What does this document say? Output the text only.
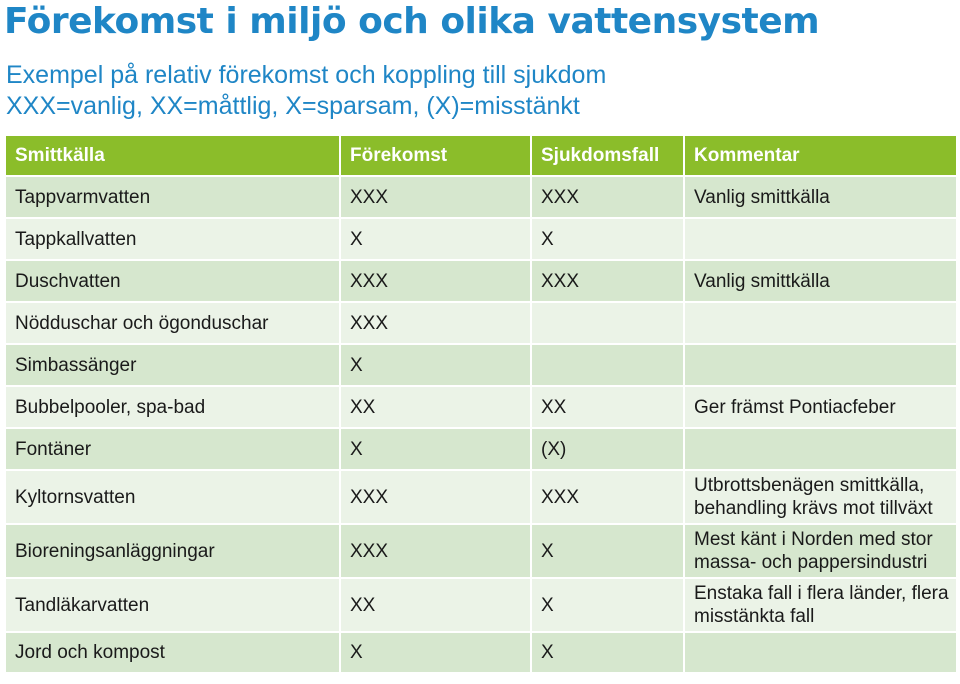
Förekomst i miljö och olika vattensystem
Exempel på relativ förekomst och koppling till sjukdom
XXX=vanlig, XX=måttlig, X=sparsam, (X)=misstänkt
Smittkälla	Förekomst	Sjukdomsfall	Kommentar
Tappvarmvatten	XXX	XXX	Vanlig smittkälla
Tappkallvatten	X	X	
Duschvatten	XXX	XXX	Vanlig smittkälla
Nödduschar och ögonduschar	XXX		
Simbassänger	X		
Bubbelpooler, spa-bad	XX	XX	Ger främst Pontiacfeber
Fontäner	X	(X)	
Kyltornsvatten	XXX	XXX	Utbrottsbenägen smittkälla, behandling krävs mot tillväxt
Bioreningsanläggningar	XXX	X	Mest känt i Norden med stor massa- och pappersindustri
Tandläkarvatten	XX	X	Enstaka fall i flera länder, flera misstänkta fall
Jord och kompost	X	X	
